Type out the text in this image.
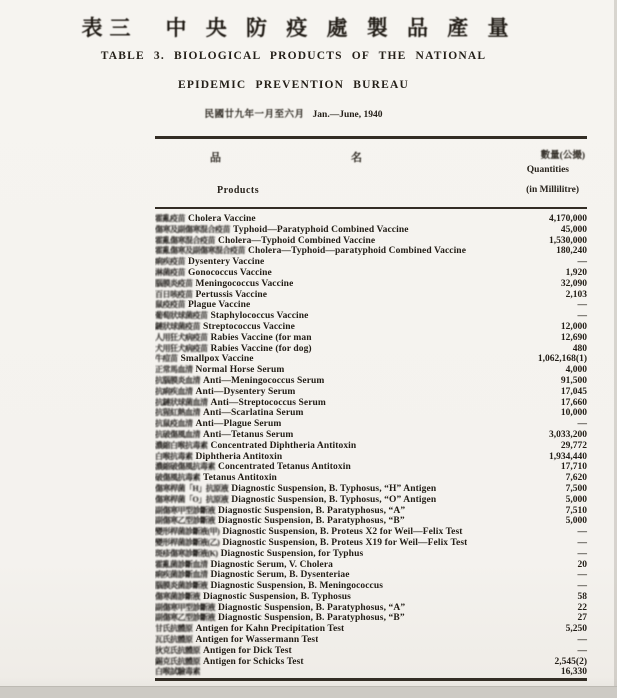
表三　中 央 防 疫 處 製 品 產 量
TABLE 3. BIOLOGICAL PRODUCTS OF THE NATIONAL
EPIDEMIC PREVENTION BUREAU
民國廿九年一月至六月 Jan.—June, 1940
品	名	數量(公撮)
Quantities
Products	(in Millilitre)
霍亂疫苗 Cholera Vaccine	4,170,000
傷寒及副傷寒混合疫苗 Typhoid—Paratyphoid Combined Vaccine	45,000
霍亂傷寒混合疫苗 Cholera—Typhoid Combined Vaccine	1,530,000
霍亂傷寒及副傷寒混合疫苗 Cholera—Typhoid—paratyphoid Combined Vaccine	180,240
痢疾疫苗 Dysentery Vaccine	—
淋菌疫苗 Gonococcus Vaccine	1,920
腦膜炎疫苗 Meningococcus Vaccine	32,090
百日咳疫苗 Pertussis Vaccine	2,103
鼠疫疫苗 Plague Vaccine	—
葡萄狀球菌疫苗 Staphylococcus Vaccine	—
鏈狀球菌疫苗 Streptococcus Vaccine	12,000
人用狂犬病疫苗 Rabies Vaccine (for man	12,690
犬用狂犬病疫苗 Rabies Vaccine (for dog)	480
牛痘苗 Smallpox Vaccine	1,062,168(1)
正常馬血清 Normal Horse Serum	4,000
抗腦膜炎血清 Anti—Meningococcus Serum	91,500
抗痢疾血清 Anti—Dysentery Serum	17,045
抗鏈狀球菌血清 Anti—Streptococcus Serum	17,660
抗猩紅熱血清 Anti—Scarlatina Serum	10,000
抗鼠疫血清 Anti—Plague Serum	—
抗破傷風血清 Anti—Tetanus Serum	3,033,200
濃縮白喉抗毒素 Concentrated Diphtheria Antitoxin	29,772
白喉抗毒素 Diphtheria Antitoxin	1,934,440
濃縮破傷風抗毒素 Concentrated Tetanus Antitoxin	17,710
破傷風抗毒素 Tetanus Antitoxin	7,620
傷寒桿菌「H」抗原液 Diagnostic Suspension, B. Typhosus, “H” Antigen	7,500
傷寒桿菌「O」抗原液 Diagnostic Suspension, B. Typhosus, “O” Antigen	5,000
副傷寒甲型診斷液 Diagnostic Suspension, B. Paratyphosus, “A”	7,510
副傷寒乙型診斷液 Diagnostic Suspension, B. Paratyphosus, “B”	5,000
變形桿菌診斷液(甲) Diagnostic Suspension, B. Proteus X2 for Weil—Felix Test	—
變形桿菌診斷液(乙) Diagnostic Suspension, B. Proteus X19 for Weil—Felix Test	—
斑疹傷寒診斷液(K) Diagnostic Suspension, for Typhus	—
霍亂菌診斷血清 Diagnostic Serum, V. Cholera	20
痢疾菌診斷血清 Diagnostic Serum, B. Dysenteriae	—
腦膜炎菌診斷液 Diagnostic Suspension, B. Meningococcus	—
傷寒菌診斷液 Diagnostic Suspension, B. Typhosus	58
副傷寒甲型診斷液 Diagnostic Suspension, B. Paratyphosus, “A”	22
副傷寒乙型診斷液 Diagnostic Suspension, B. Paratyphosus, “B”	27
甘氏抗體原 Antigen for Kahn Precipitation Test	5,250
瓦氏抗體原 Antigen for Wassermann Test	—
狄克氏抗體原 Antigen for Dick Test	—
錫克氏抗體原 Antigen for Schicks Test	2,545(2)
白喉試驗毒素	16,330
